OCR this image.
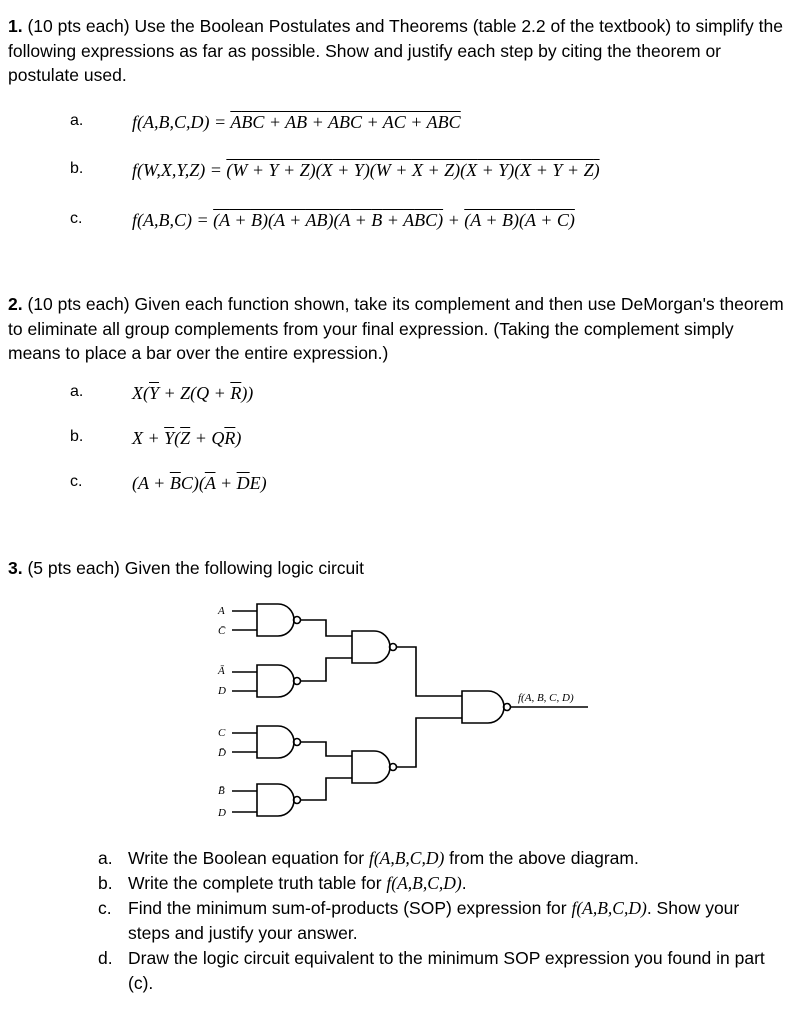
1. (10 pts each) Use the Boolean Postulates and Theorems (table 2.2 of the textbook) to simplify the following expressions as far as possible. Show and justify each step by citing the theorem or postulate used.
a.	f(A,B,C,D) = ABC + AB + ABC + AC + ABC
b.	f(W,X,Y,Z) = (W + Y + Z)(X + Y)(W + X + Z)(X + Y)(X + Y + Z)
c.	f(A,B,C) = (A + B)(A + AB)(A + B + ABC) + (A + B)(A + C)
2. (10 pts each) Given each function shown, take its complement and then use DeMorgan's theorem to eliminate all group complements from your final expression. (Taking the complement simply means to place a bar over the entire expression.)
a.	$X(\overline{Y} + Z(Q + \overline{R}))$
b.	$X + \overline{Y}(\overline{Z} + Q\overline{R})$
c.	$(A + \overline{B}C)(\overline{A} + \overline{D}E)$
3. (5 pts each) Given the following logic circuit
A
C̄
Ā
D
C
D̄
B̄
D
f(A, B, C, D)
a. Write the Boolean equation for f(A,B,C,D) from the above diagram.
b. Write the complete truth table for f(A,B,C,D).
c. Find the minimum sum-of-products (SOP) expression for f(A,B,C,D). Show your steps and justify your answer.
d. Draw the logic circuit equivalent to the minimum SOP expression you found in part (c).
